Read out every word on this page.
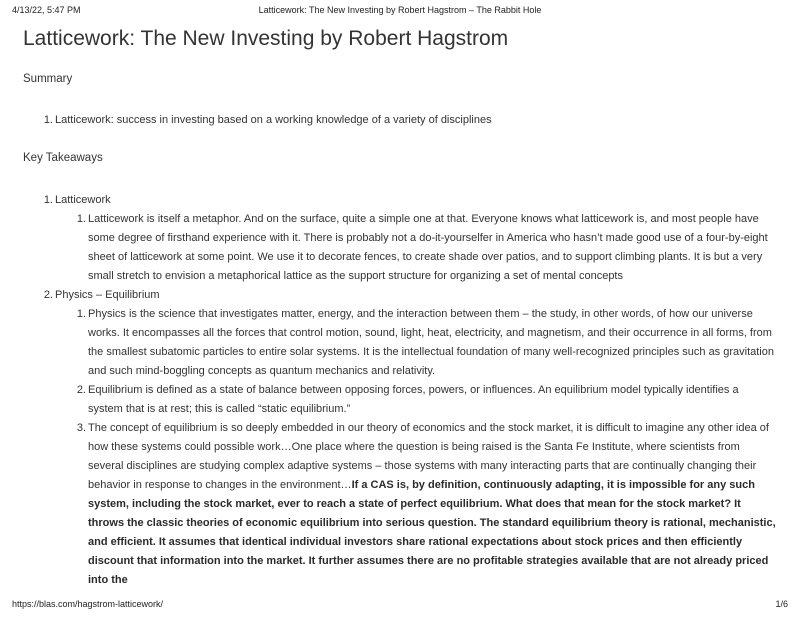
4/13/22, 5:47 PM	Latticework: The New Investing by Robert Hagstrom – The Rabbit Hole
Latticework: The New Investing by Robert Hagstrom
Summary
1. Latticework: success in investing based on a working knowledge of a variety of disciplines
Key Takeaways
1. Latticework
1. Latticework is itself a metaphor. And on the surface, quite a simple one at that. Everyone knows what latticework is, and most people have some degree of firsthand experience with it. There is probably not a do-it-yourselfer in America who hasn’t made good use of a four-by-eight sheet of latticework at some point. We use it to decorate fences, to create shade over patios, and to support climbing plants. It is but a very small stretch to envision a metaphorical lattice as the support structure for organizing a set of mental concepts
2. Physics – Equilibrium
1. Physics is the science that investigates matter, energy, and the interaction between them – the study, in other words, of how our universe works. It encompasses all the forces that control motion, sound, light, heat, electricity, and magnetism, and their occurrence in all forms, from the smallest subatomic particles to entire solar systems. It is the intellectual foundation of many well-recognized principles such as gravitation and such mind-boggling concepts as quantum mechanics and relativity.
2. Equilibrium is defined as a state of balance between opposing forces, powers, or influences. An equilibrium model typically identifies a system that is at rest; this is called “static equilibrium.”
3. The concept of equilibrium is so deeply embedded in our theory of economics and the stock market, it is difficult to imagine any other idea of how these systems could possible work…One place where the question is being raised is the Santa Fe Institute, where scientists from several disciplines are studying complex adaptive systems – those systems with many interacting parts that are continually changing their behavior in response to changes in the environment…If a CAS is, by definition, continuously adapting, it is impossible for any such system, including the stock market, ever to reach a state of perfect equilibrium. What does that mean for the stock market? It throws the classic theories of economic equilibrium into serious question. The standard equilibrium theory is rational, mechanistic, and efficient. It assumes that identical individual investors share rational expectations about stock prices and then efficiently discount that information into the market. It further assumes there are no profitable strategies available that are not already priced into the
https://blas.com/hagstrom-latticework/	1/6
